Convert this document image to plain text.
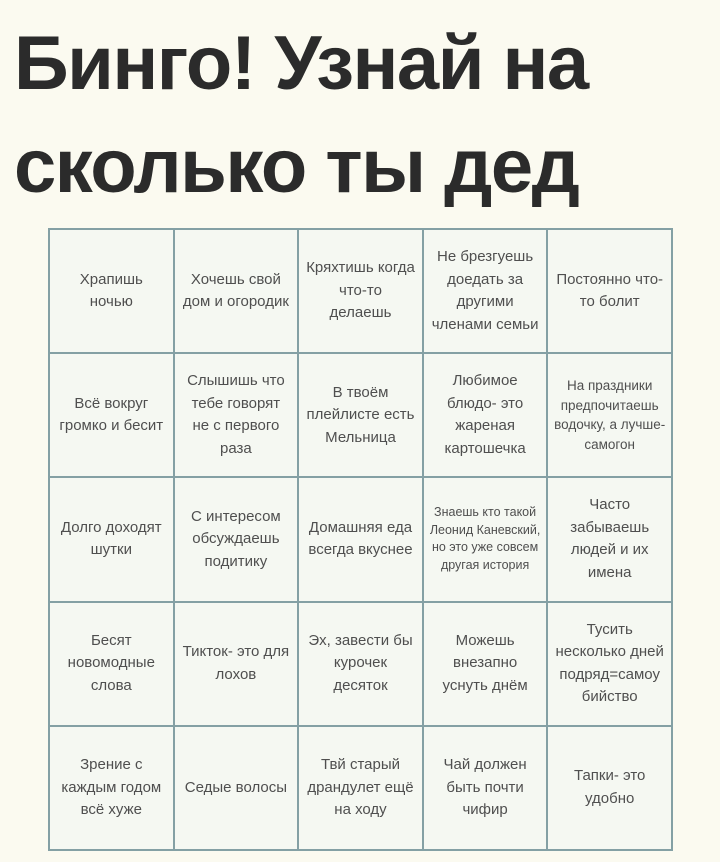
Бинго! Узнай на
сколько ты дед
Храпишь ночью
Хочешь свой дом и огородик
Кряхтишь когда что-то делаешь
Не брезгуешь доедать за другими членами семьи
Постоянно что-то болит
Всё вокруг громко и бесит
Слышишь что тебе говорят не с первого раза
В твоём плейлисте есть Мельница
Любимое блюдо- это жареная картошечка
На праздники предпочитаешь водочку, а лучше-самогон
Долго доходят шутки
С интересом обсуждаешь подитику
Домашняя еда всегда вкуснее
Знаешь кто такой Леонид Каневский, но это уже совсем другая история
Часто забываешь людей и их имена
Бесят новомодные слова
Тикток- это для лохов
Эх, завести бы курочек десяток
Можешь внезапно уснуть днём
Тусить несколько дней подряд=самоубийство
Зрение с каждым годом всё хуже
Седые волосы
Твй старый драндулет ещё на ходу
Чай должен быть почти чифир
Тапки- это удобно
